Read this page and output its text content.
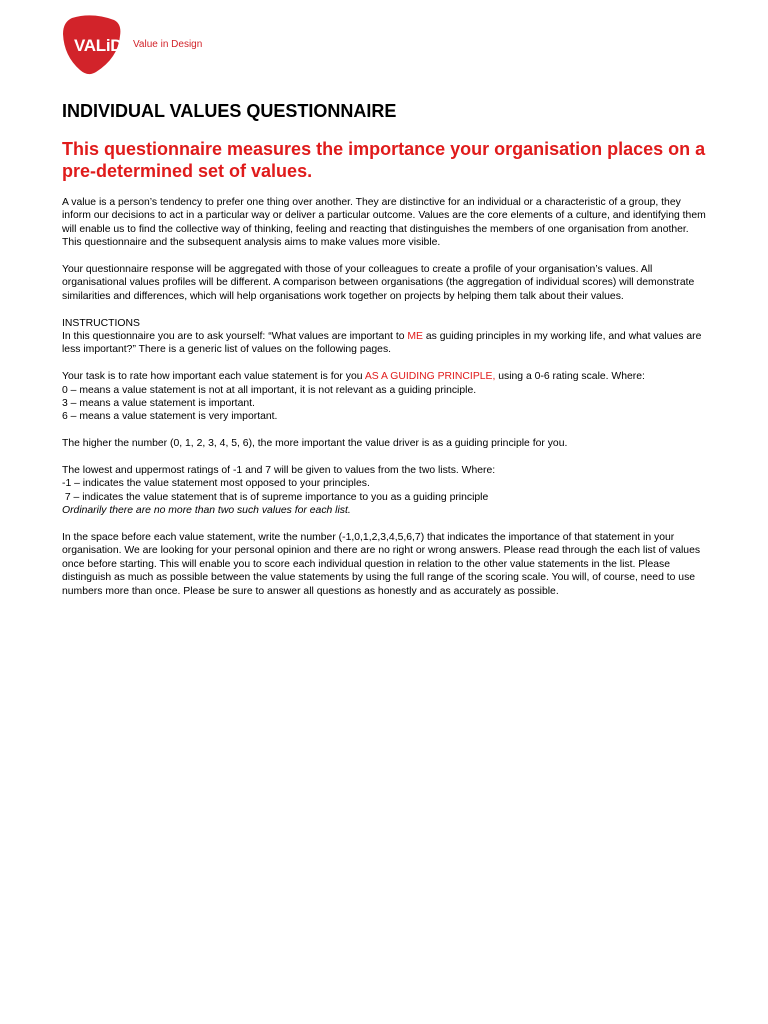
VALiD Value in Design
INDIVIDUAL VALUES QUESTIONNAIRE
This questionnaire measures the importance your organisation places on a pre-determined set of values.

A value is a person’s tendency to prefer one thing over another. They are distinctive for an individual or a characteristic of a group, they inform our decisions to act in a particular way or deliver a particular outcome. Values are the core elements of a culture, and identifying them will enable us to find the collective way of thinking, feeling and reacting that distinguishes the members of one organisation from another. This questionnaire and the subsequent analysis aims to make values more visible.

Your questionnaire response will be aggregated with those of your colleagues to create a profile of your organisation’s values. All organisational values profiles will be different. A comparison between organisations (the aggregation of individual scores) will demonstrate similarities and differences, which will help organisations work together on projects by helping them talk about their values.

INSTRUCTIONS
In this questionnaire you are to ask yourself: “What values are important to ME as guiding principles in my working life, and what values are less important?” There is a generic list of values on the following pages.

Your task is to rate how important each value statement is for you AS A GUIDING PRINCIPLE, using a 0-6 rating scale. Where:
0 – means a value statement is not at all important, it is not relevant as a guiding principle.
3 – means a value statement is important.
6 – means a value statement is very important.

The higher the number (0, 1, 2, 3, 4, 5, 6), the more important the value driver is as a guiding principle for you.

The lowest and uppermost ratings of -1 and 7 will be given to values from the two lists. Where:
-1 – indicates the value statement most opposed to your principles.
7 – indicates the value statement that is of supreme importance to you as a guiding principle
Ordinarily there are no more than two such values for each list.

In the space before each value statement, write the number (-1,0,1,2,3,4,5,6,7) that indicates the importance of that statement in your organisation. We are looking for your personal opinion and there are no right or wrong answers. Please read through the each list of values once before starting. This will enable you to score each individual question in relation to the other value statements in the list. Please distinguish as much as possible between the value statements by using the full range of the scoring scale. You will, of course, need to use numbers more than once. Please be sure to answer all questions as honestly and as accurately as possible.
